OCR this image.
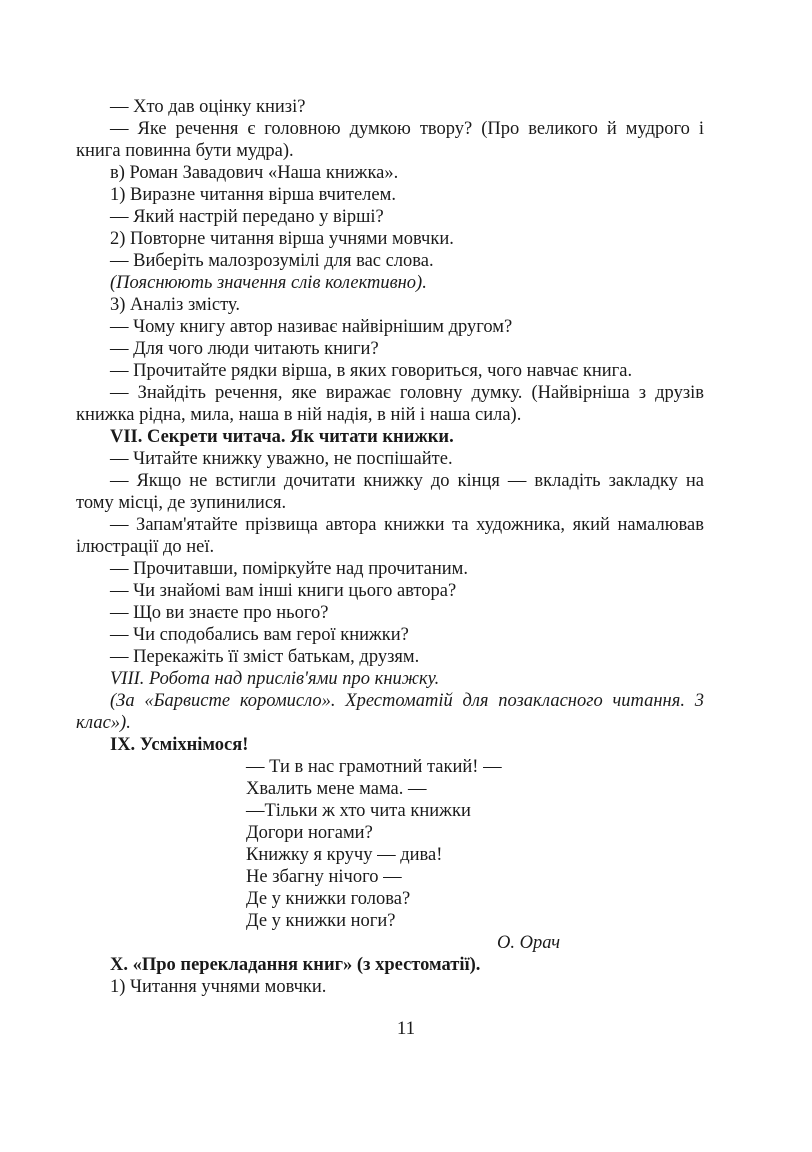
— Хто дав оцінку книзі?

— Яке речення є головною думкою твору? (Про великого й мудрого і книга повинна бути мудра).

в) Роман Завадович «Наша книжка».

1) Виразне читання вірша вчителем.

— Який настрій передано у вірші?

2) Повторне читання вірша учнями мовчки.

— Виберіть малозрозумілі для вас слова.

(Пояснюють значення слів колективно).

3) Аналіз змісту.

— Чому книгу автор називає найвірнішим другом?

— Для чого люди читають книги?

— Прочитайте рядки вірша, в яких говориться, чого навчає книга.

— Знайдіть речення, яке виражає головну думку. (Найвірніша з друзів книжка рідна, мила, наша в ній надія, в ній і наша сила).

VII. Секрети читача. Як читати книжки.

— Читайте книжку уважно, не поспішайте.

— Якщо не встигли дочитати книжку до кінця — вкладіть закладку на тому місці, де зупинилися.

— Запам'ятайте прізвища автора книжки та художника, який намалював ілюстрації до неї.

— Прочитавши, поміркуйте над прочитаним.

— Чи знайомі вам інші книги цього автора?

— Що ви знаєте про нього?

— Чи сподобались вам герої книжки?

— Перекажіть її зміст батькам, друзям.

VIII. Робота над прислів'ями про книжку.

(За «Барвисте коромисло». Хрестоматій для позакласного читання. 3 клас»).

IX. Усміхнімося!

— Ти в нас грамотний такий! —

Хвалить мене мама. —

—Тільки ж хто чита книжки

Догори ногами?

Книжку я кручу — дива!

Не збагну нічого —

Де у книжки голова?

Де у книжки ноги?

О. Орач

X. «Про перекладання книг» (з хрестоматії).

1) Читання учнями мовчки.

11
